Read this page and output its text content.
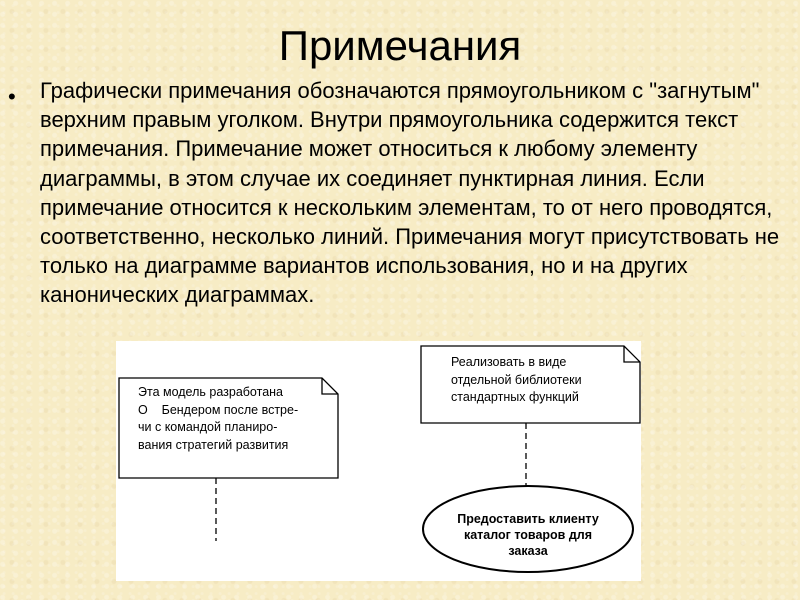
Примечания
•	Графически примечания обозначаются прямоугольником с "загнутым" верхним правым уголком. Внутри прямоугольника содержится текст примечания. Примечание может относиться к любому элементу диаграммы, в этом случае их соединяет пунктирная линия. Если примечание относится к нескольким элементам, то от него проводятся, соответственно, несколько линий. Примечания могут присутствовать не только на диаграмме вариантов использования, но и на других канонических диаграммах.
Эта модель разработана
О    Бендером после встре-
чи с командой планиро-
вания стратегий развития
Реализовать в виде
отдельной библиотеки
стандартных функций
Предоставить клиенту
каталог товаров для
заказа
